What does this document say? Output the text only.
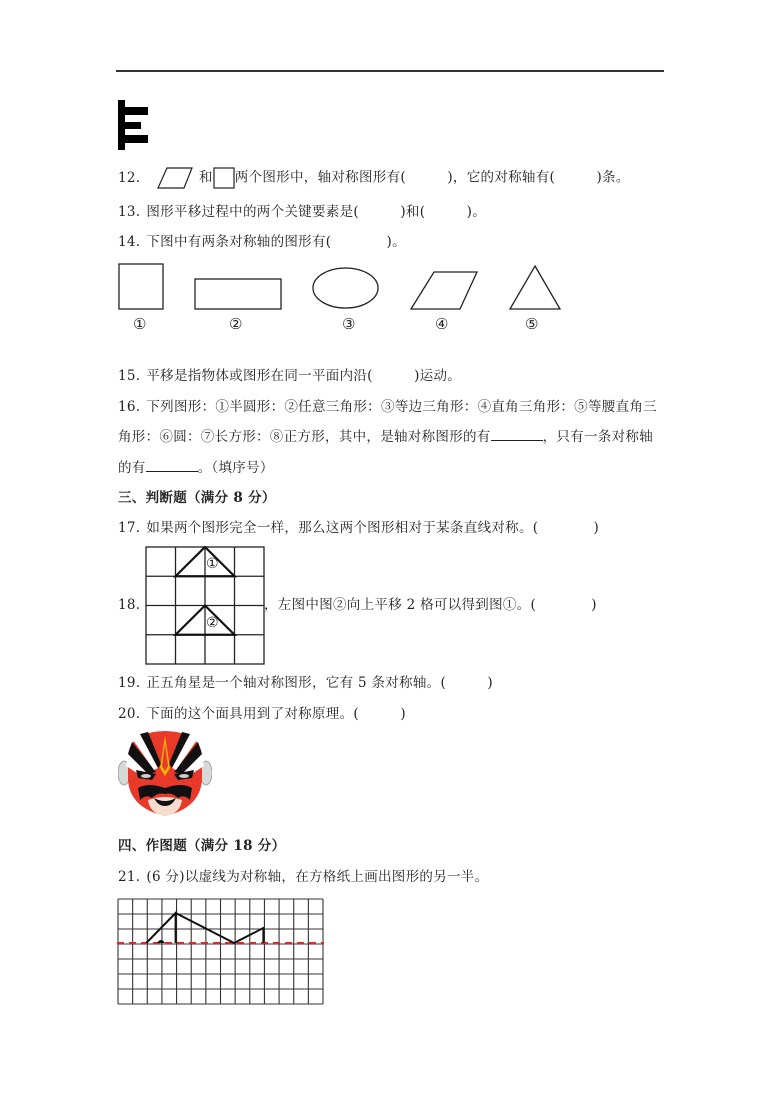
12.	和 两个图形中，轴对称图形有(　　　)，它的对称轴有(　　　)条。
13. 图形平移过程中的两个关键要素是(　　　)和(　　　)。
14. 下图中有两条对称轴的图形有(　　　　)。
①	②	③	④	⑤
15. 平移是指物体或图形在同一平面内沿(　　　)运动。
16. 下列图形：①半圆形：②任意三角形：③等边三角形：④直角三角形：⑤等腰直角三
角形：⑥圆：⑦长方形：⑧正方形，其中，是轴对称图形的有	，只有一条对称轴
的有	。（填序号）
三、判断题（满分 8 分）
17. 如果两个图形完全一样，那么这两个图形相对于某条直线对称。(　　　　)
18.
①
②
，左图中图②向上平移 2 格可以得到图①。(　　　　)
19. 正五角星是一个轴对称图形，它有 5 条对称轴。(　　　)
20. 下面的这个面具用到了对称原理。(　　　)
四、作图题（满分 18 分）
21. (6 分)以虚线为对称轴，在方格纸上画出图形的另一半。
